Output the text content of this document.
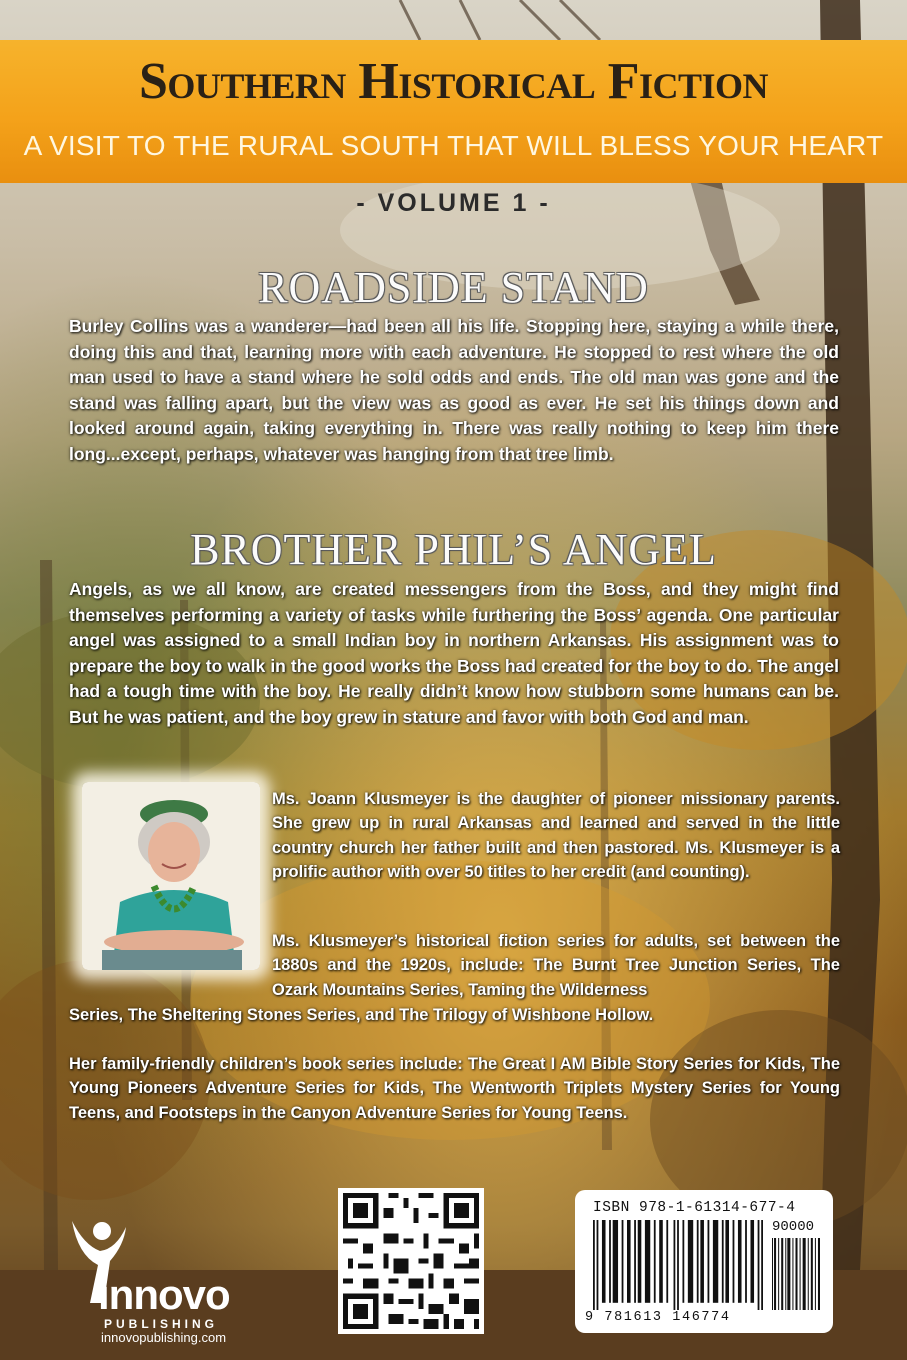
Southern Historical Fiction
A VISIT TO THE RURAL SOUTH THAT WILL BLESS YOUR HEART
- VOLUME 1 -
ROADSIDE STAND
Burley Collins was a wanderer—had been all his life. Stopping here, staying a while there, doing this and that, learning more with each adventure. He stopped to rest where the old man used to have a stand where he sold odds and ends. The old man was gone and the stand was falling apart, but the view was as good as ever. He set his things down and looked around again, taking everything in. There was really nothing to keep him there long...except, perhaps, whatever was hanging from that tree limb.
BROTHER PHIL’S ANGEL
Angels, as we all know, are created messengers from the Boss, and they might find themselves performing a variety of tasks while furthering the Boss’ agenda. One particular angel was assigned to a small Indian boy in northern Arkansas. His assignment was to prepare the boy to walk in the good works the Boss had created for the boy to do. The angel had a tough time with the boy. He really didn’t know how stubborn some humans can be. But he was patient, and the boy grew in stature and favor with both God and man.
Ms. Joann Klusmeyer is the daughter of pioneer missionary parents. She grew up in rural Arkansas and learned and served in the little country church her father built and then pastored. Ms. Klusmeyer is a prolific author with over 50 titles to her credit (and counting).
Ms. Klusmeyer’s historical fiction series for adults, set between the 1880s and the 1920s, include: The Burnt Tree Junction Series, The Ozark Mountains Series, Taming the Wilderness
Series, The Sheltering Stones Series, and The Trilogy of Wishbone Hollow.
Her family-friendly children’s book series include: The Great I AM Bible Story Series for Kids, The Young Pioneers Adventure Series for Kids, The Wentworth Triplets Mystery Series for Young Teens, and Footsteps in the Canyon Adventure Series for Young Teens.
innovo
PUBLISHING
innovopublishing.com
ISBN 978-1-61314-677-4
90000
9 781613 146774
